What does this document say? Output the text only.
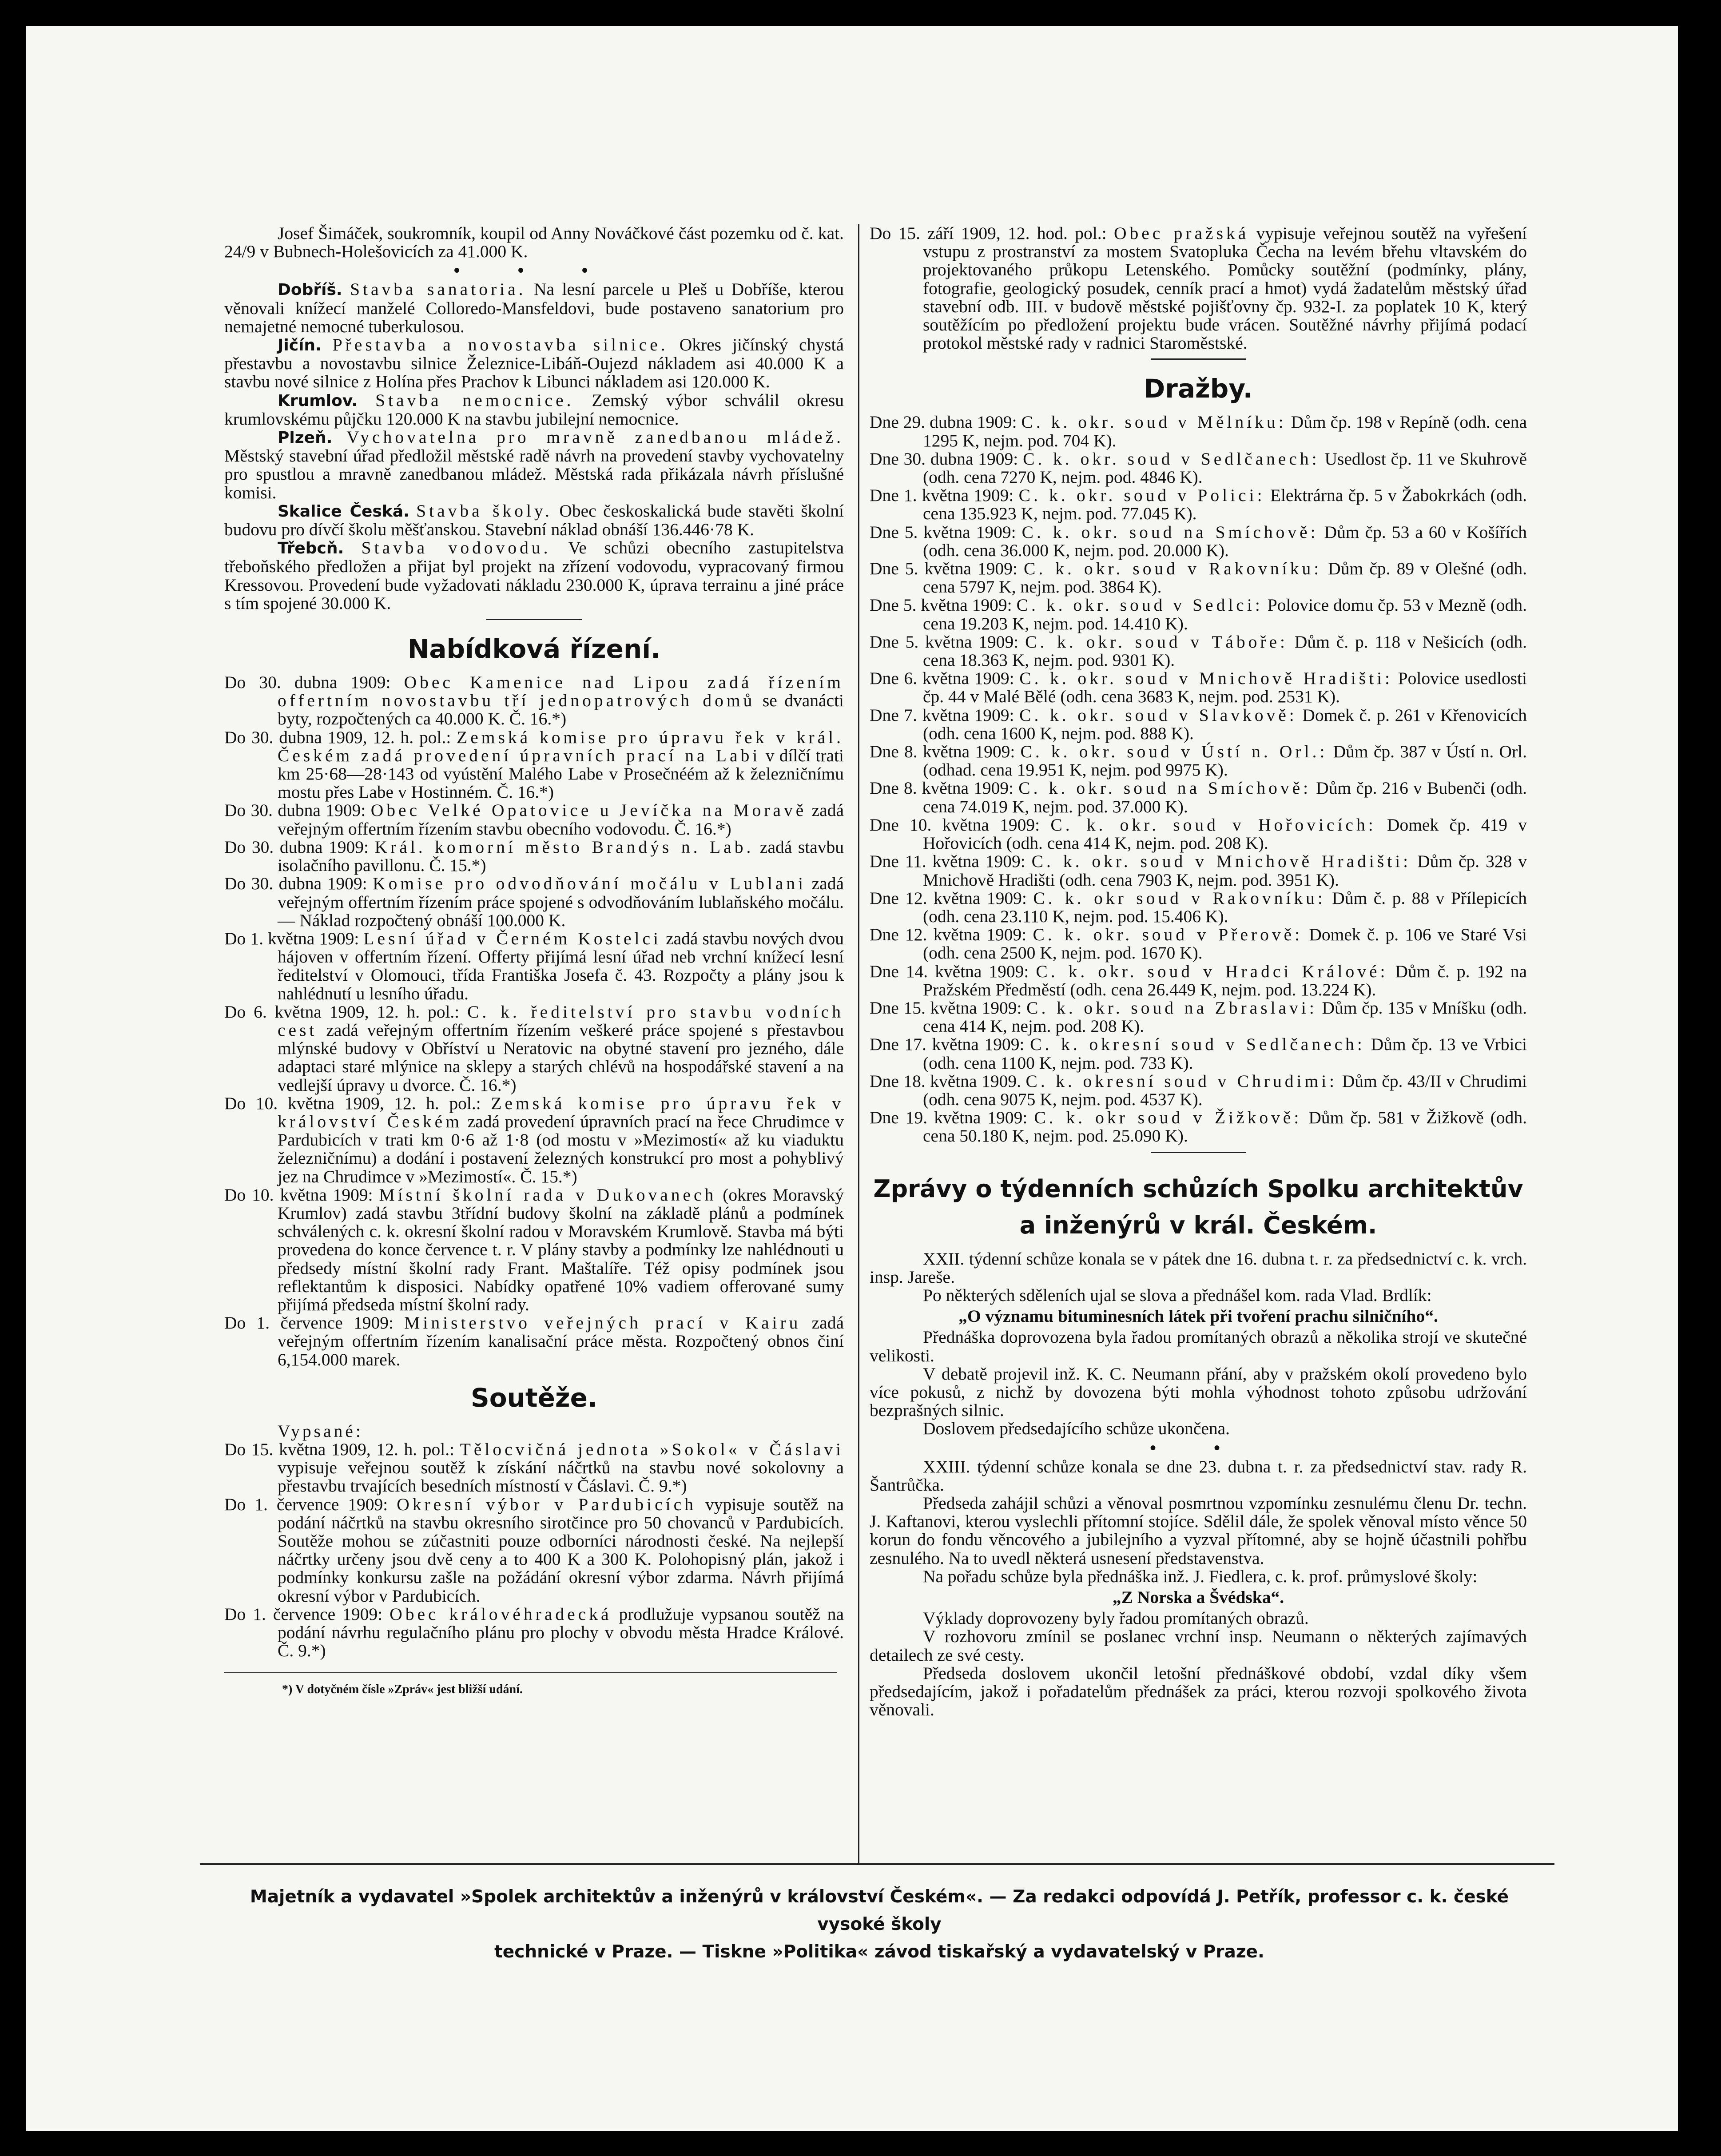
Josef Šimáček, soukromník, koupil od Anny Nováčkové část pozemku od č. kat. 24/9 v Bubnech-Holešovicích za 41.000 K.

• • •

Dobříš. Stavba sanatoria. Na lesní parcele u Pleš u Dobříše, kterou věnovali knížecí manželé Colloredo-Mansfeldovi, bude postaveno sanatorium pro nemajetné nemocné tuberkulosou.

Jičín. Přestavba a novostavba silnice. Okres jičínský chystá přestavbu a novostavbu silnice Železnice-Libáň-Oujezd nákladem asi 40.000 K a stavbu nové silnice z Holína přes Prachov k Libunci nákladem asi 120.000 K.

Krumlov. Stavba nemocnice. Zemský výbor schválil okresu krumlovskému půjčku 120.000 K na stavbu jubilejní nemocnice.

Plzeň. Vychovatelna pro mravně zanedbanou mládež. Městský stavební úřad předložil městské radě návrh na provedení stavby vychovatelny pro spustlou a mravně zanedbanou mládež. Městská rada přikázala návrh příslušné komisi.

Skalice Česká. Stavba školy. Obec českoskalická bude stavěti školní budovu pro dívčí školu měšťanskou. Stavební náklad obnáší 136.446·78 K.

Třebcň. Stavba vodovodu. Ve schůzi obecního zastupitelstva třeboňského předložen a přijat byl projekt na zřízení vodovodu, vypracovaný firmou Kressovou. Provedení bude vyžadovati nákladu 230.000 K, úprava terrainu a jiné práce s tím spojené 30.000 K.

Nabídková řízení.

Do 30. dubna 1909: Obec Kamenice nad Lipou zadá řízením offertním novostavbu tří jednopatrových domů se dvanácti byty, rozpočtených ca 40.000 K. Č. 16.*)

Do 30. dubna 1909, 12. h. pol.: Zemská komise pro úpravu řek v král. Českém zadá provedení úpravních prací na Labi v dílčí trati km 25·68—28·143 od vyústění Malého Labe v Prosečnéém až k železničnímu mostu přes Labe v Hostinném. Č. 16.*)

Do 30. dubna 1909: Obec Velké Opatovice u Jevíčka na Moravě zadá veřejným offertním řízením stavbu obecního vodovodu. Č. 16.*)

Do 30. dubna 1909: Král. komorní město Brandýs n. Lab. zadá stavbu isolačního pavillonu. Č. 15.*)

Do 30. dubna 1909: Komise pro odvodňování močálu v Lublani zadá veřejným offertním řízením práce spojené s odvodňováním lublaňského močálu. — Náklad rozpočtený obnáší 100.000 K.

Do 1. května 1909: Lesní úřad v Černém Kostelci zadá stavbu nových dvou hájoven v offertním řízení. Offerty přijímá lesní úřad neb vrchní knížecí lesní ředitelství v Olomouci, třída Františka Josefa č. 43. Rozpočty a plány jsou k nahlédnutí u lesního úřadu.

Do 6. května 1909, 12. h. pol.: C. k. ředitelství pro stavbu vodních cest zadá veřejným offertním řízením veškeré práce spojené s přestavbou mlýnské budovy v Obříství u Neratovic na obytné stavení pro jezného, dále adaptaci staré mlýnice na sklepy a starých chlévů na hospodářské stavení a na vedlejší úpravy u dvorce. Č. 16.*)

Do 10. května 1909, 12. h. pol.: Zemská komise pro úpravu řek v království Českém zadá provedení úpravních prací na řece Chrudimce v Pardubicích v trati km 0·6 až 1·8 (od mostu v »Mezimostí« až ku viaduktu železničnímu) a dodání i postavení železných konstrukcí pro most a pohyblivý jez na Chrudimce v »Mezimostí«. Č. 15.*)

Do 10. května 1909: Místní školní rada v Dukovanech (okres Moravský Krumlov) zadá stavbu 3třídní budovy školní na základě plánů a podmínek schválených c. k. okresní školní radou v Moravském Krumlově. Stavba má býti provedena do konce července t. r. V plány stavby a podmínky lze nahlédnouti u předsedy místní školní rady Frant. Maštalíře. Též opisy podmínek jsou reflektantům k disposici. Nabídky opatřené 10% vadiem offerované sumy přijímá předseda místní školní rady.

Do 1. července 1909: Ministerstvo veřejných prací v Kairu zadá veřejným offertním řízením kanalisační práce města. Rozpočtený obnos činí 6,154.000 marek.

Soutěže.

Vypsané:

Do 15. května 1909, 12. h. pol.: Tělocvičná jednota »Sokol« v Čáslavi vypisuje veřejnou soutěž k získání náčrtků na stavbu nové sokolovny a přestavbu trvajících besedních místností v Čáslavi. Č. 9.*)

Do 1. července 1909: Okresní výbor v Pardubicích vypisuje soutěž na podání náčrtků na stavbu okresního sirotčince pro 50 chovanců v Pardubicích. Soutěže mohou se zúčastniti pouze odborníci národnosti české. Na nejlepší náčrtky určeny jsou dvě ceny a to 400 K a 300 K. Polohopisný plán, jakož i podmínky konkursu zašle na požádání okresní výbor zdarma. Návrh přijímá okresní výbor v Pardubicích.

Do 1. července 1909: Obec královéhradecká prodlužuje vypsanou soutěž na podání návrhu regulačního plánu pro plochy v obvodu města Hradce Králové. Č. 9.*)

*) V dotyčném čísle »Zpráv« jest bližší udání.

Do 15. září 1909, 12. hod. pol.: Obec pražská vypisuje veřejnou soutěž na vyřešení vstupu z prostranství za mostem Svatopluka Čecha na levém břehu vltavském do projektovaného průkopu Letenského. Pomůcky soutěžní (podmínky, plány, fotografie, geologický posudek, cenník prací a hmot) vydá žadatelům městský úřad stavební odb. III. v budově městské pojišťovny čp. 932-I. za poplatek 10 K, který soutěžícím po předložení projektu bude vrácen. Soutěžné návrhy přijímá podací protokol městské rady v radnici Staroměstské.

Dražby.

Dne 29. dubna 1909: C. k. okr. soud v Mělníku: Dům čp. 198 v Repíně (odh. cena 1295 K, nejm. pod. 704 K).

Dne 30. dubna 1909: C. k. okr. soud v Sedlčanech: Usedlost čp. 11 ve Skuhrově (odh. cena 7270 K, nejm. pod. 4846 K).

Dne 1. května 1909: C. k. okr. soud v Polici: Elektrárna čp. 5 v Žabokrkách (odh. cena 135.923 K, nejm. pod. 77.045 K).

Dne 5. května 1909: C. k. okr. soud na Smíchově: Dům čp. 53 a 60 v Košířích (odh. cena 36.000 K, nejm. pod. 20.000 K).

Dne 5. května 1909: C. k. okr. soud v Rakovníku: Dům čp. 89 v Olešné (odh. cena 5797 K, nejm. pod. 3864 K).

Dne 5. května 1909: C. k. okr. soud v Sedlci: Polovice domu čp. 53 v Mezně (odh. cena 19.203 K, nejm. pod. 14.410 K).

Dne 5. května 1909: C. k. okr. soud v Táboře: Dům č. p. 118 v Nešicích (odh. cena 18.363 K, nejm. pod. 9301 K).

Dne 6. května 1909: C. k. okr. soud v Mnichově Hradišti: Polovice usedlosti čp. 44 v Malé Bělé (odh. cena 3683 K, nejm. pod. 2531 K).

Dne 7. května 1909: C. k. okr. soud v Slavkově: Domek č. p. 261 v Křenovicích (odh. cena 1600 K, nejm. pod. 888 K).

Dne 8. května 1909: C. k. okr. soud v Ústí n. Orl.: Dům čp. 387 v Ústí n. Orl. (odhad. cena 19.951 K, nejm. pod 9975 K).

Dne 8. května 1909: C. k. okr. soud na Smíchově: Dům čp. 216 v Bubenči (odh. cena 74.019 K, nejm. pod. 37.000 K).

Dne 10. května 1909: C. k. okr. soud v Hořovicích: Domek čp. 419 v Hořovicích (odh. cena 414 K, nejm. pod. 208 K).

Dne 11. května 1909: C. k. okr. soud v Mnichově Hradišti: Dům čp. 328 v Mnichově Hradišti (odh. cena 7903 K, nejm. pod. 3951 K).

Dne 12. května 1909: C. k. okr soud v Rakovníku: Dům č. p. 88 v Přílepicích (odh. cena 23.110 K, nejm. pod. 15.406 K).

Dne 12. května 1909: C. k. okr. soud v Přerově: Domek č. p. 106 ve Staré Vsi (odh. cena 2500 K, nejm. pod. 1670 K).

Dne 14. května 1909: C. k. okr. soud v Hradci Králové: Dům č. p. 192 na Pražském Předměstí (odh. cena 26.449 K, nejm. pod. 13.224 K).

Dne 15. května 1909: C. k. okr. soud na Zbraslavi: Dům čp. 135 v Mníšku (odh. cena 414 K, nejm. pod. 208 K).

Dne 17. května 1909: C. k. okresní soud v Sedlčanech: Dům čp. 13 ve Vrbici (odh. cena 1100 K, nejm. pod. 733 K).

Dne 18. května 1909. C. k. okresní soud v Chrudimi: Dům čp. 43/II v Chrudimi (odh. cena 9075 K, nejm. pod. 4537 K).

Dne 19. května 1909: C. k. okr soud v Žižkově: Dům čp. 581 v Žižkově (odh. cena 50.180 K, nejm. pod. 25.090 K).

Zprávy o týdenních schůzích Spolku architektův a inženýrů v král. Českém.

XXII. týdenní schůze konala se v pátek dne 16. dubna t. r. za předsednictví c. k. vrch. insp. Jareše.

Po některých sděleních ujal se slova a přednášel kom. rada Vlad. Brdlík:

„O významu bituminesních látek při tvoření prachu silničního“.

Přednáška doprovozena byla řadou promítaných obrazů a několika strojí ve skutečné velikosti.

V debatě projevil inž. K. C. Neumann přání, aby v pražském okolí provedeno bylo více pokusů, z nichž by dovozena býti mohla výhodnost tohoto způsobu udržování bezprašných silnic.

Doslovem předsedajícího schůze ukončena.

• •

XXIII. týdenní schůze konala se dne 23. dubna t. r. za předsednictví stav. rady R. Šantrůčka.

Předseda zahájil schůzi a věnoval posmrtnou vzpomínku zesnulému členu Dr. techn. J. Kaftanovi, kterou vyslechli přítomní stojíce. Sdělil dále, že spolek věnoval místo věnce 50 korun do fondu věncového a jubilejního a vyzval přítomné, aby se hojně účastnili pohřbu zesnulého. Na to uvedl některá usnesení představenstva.

Na pořadu schůze byla přednáška inž. J. Fiedlera, c. k. prof. průmyslové školy:

„Z Norska a Švédska“.

Výklady doprovozeny byly řadou promítaných obrazů.

V rozhovoru zmínil se poslanec vrchní insp. Neumann o některých zajímavých detailech ze své cesty.

Předseda doslovem ukončil letošní přednáškové období, vzdal díky všem předsedajícím, jakož i pořadatelům přednášek za práci, kterou rozvoji spolkového života věnovali.

Majetník a vydavatel »Spolek architektův a inženýrů v království Českém«. — Za redakci odpovídá J. Petřík, professor c. k. české vysoké školy
technické v Praze. — Tiskne »Politika« závod tiskařský a vydavatelský v Praze.
